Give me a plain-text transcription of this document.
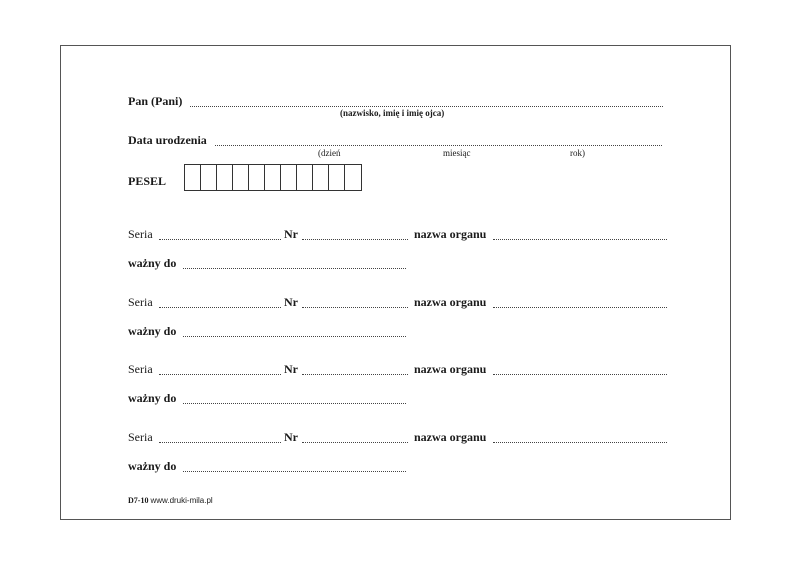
Pan (Pani)
(nazwisko, imię i imię ojca)
Data urodzenia
(dzień	miesiąc	rok)
PESEL
Seria	Nr	nazwa organu
ważny do
Seria	Nr	nazwa organu
ważny do
Seria	Nr	nazwa organu
ważny do
Seria	Nr	nazwa organu
ważny do
D7-10 www.druki-mila.pl
